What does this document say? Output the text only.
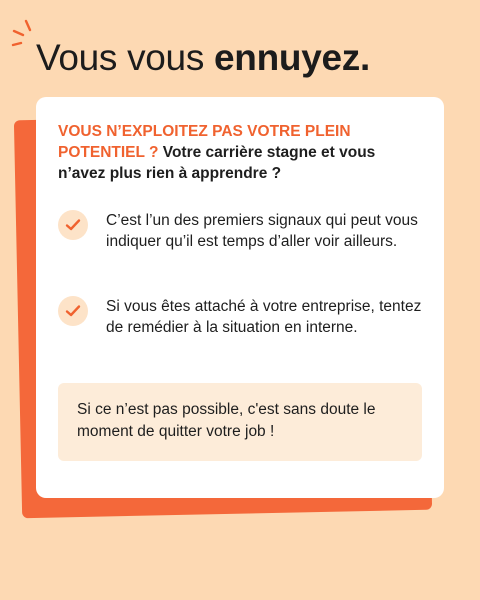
Vous vous ennuyez.
VOUS N’EXPLOITEZ PAS VOTRE PLEIN POTENTIEL ? Votre carrière stagne et vous n’avez plus rien à apprendre ?
C’est l’un des premiers signaux qui peut vous indiquer qu’il est temps d’aller voir ailleurs.
Si vous êtes attaché à votre entreprise, tentez de remédier à la situation en interne.
Si ce n’est pas possible, c'est sans doute le moment de quitter votre job !
